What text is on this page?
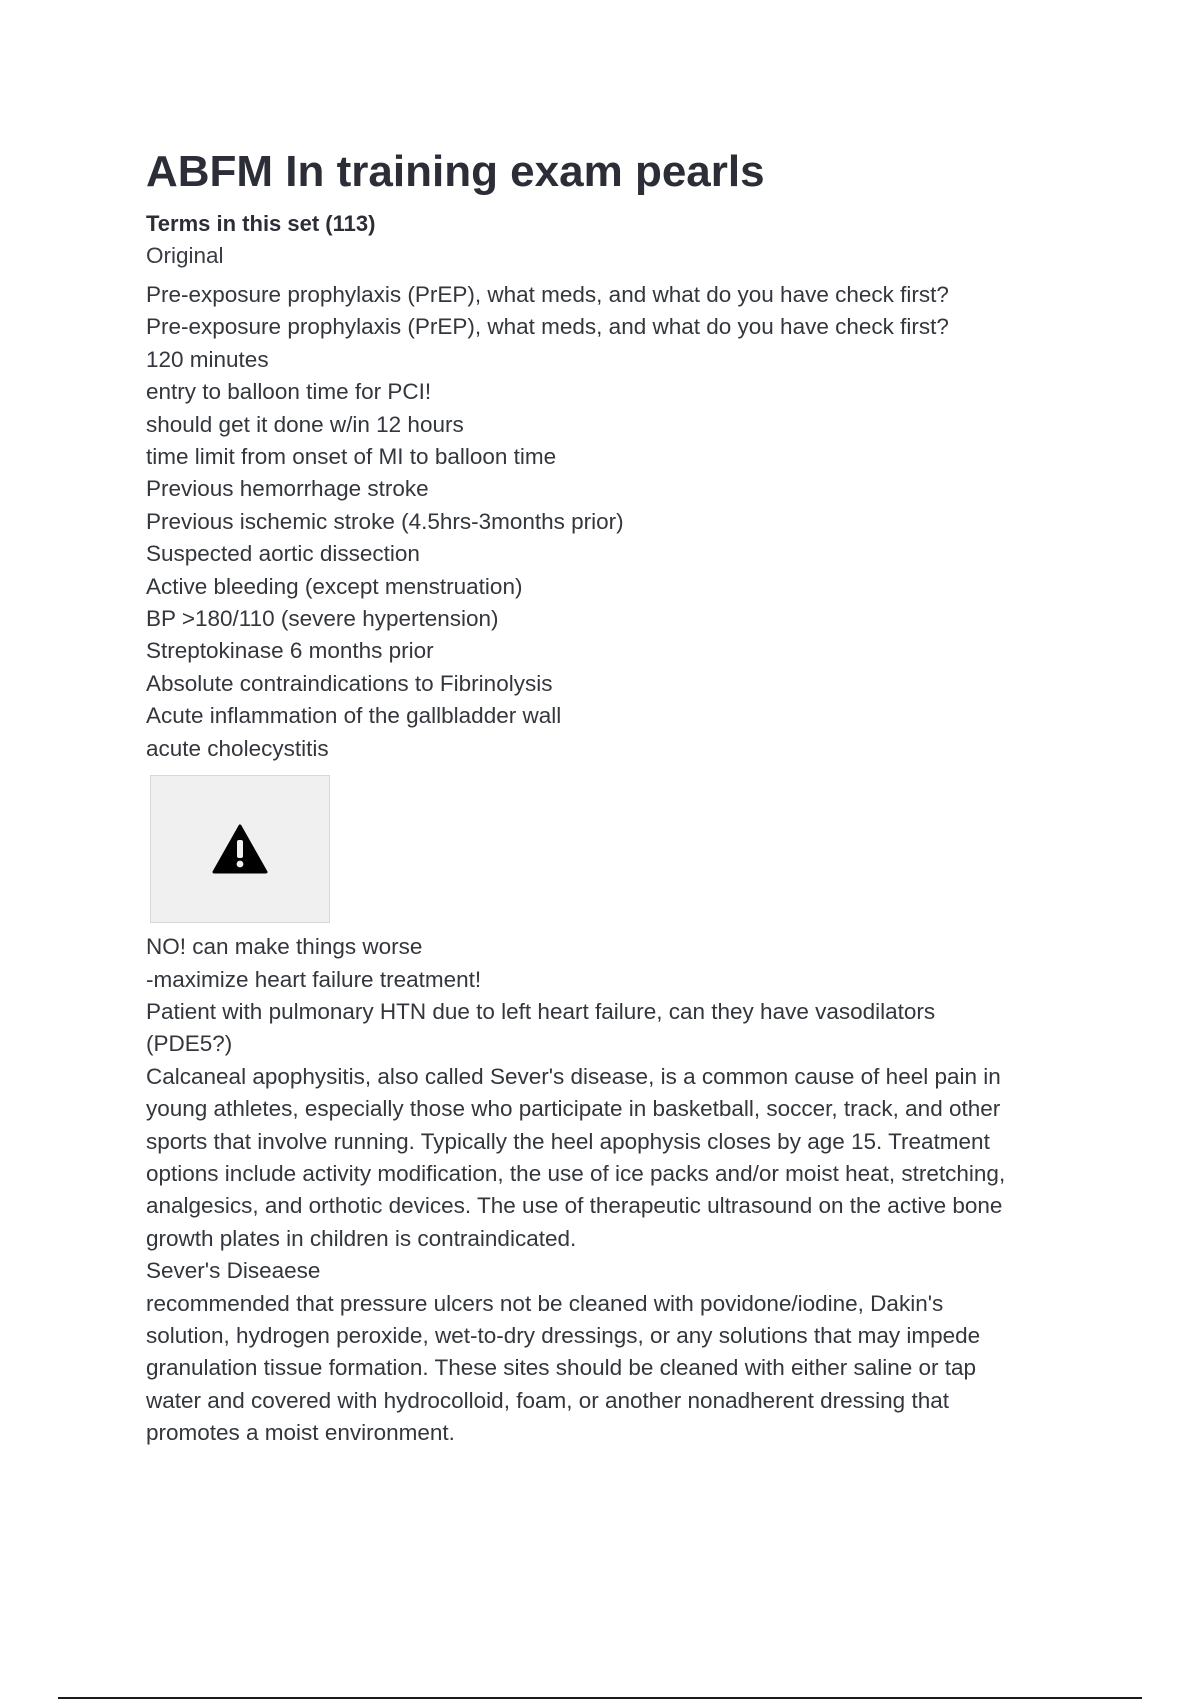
ABFM In training exam pearls
Terms in this set (113)
Original
Pre-exposure prophylaxis (PrEP), what meds, and what do you have check first?
Pre-exposure prophylaxis (PrEP), what meds, and what do you have check first?
120 minutes
entry to balloon time for PCI!
should get it done w/in 12 hours
time limit from onset of MI to balloon time
Previous hemorrhage stroke
Previous ischemic stroke (4.5hrs-3months prior)
Suspected aortic dissection
Active bleeding (except menstruation)
BP >180/110 (severe hypertension)
Streptokinase 6 months prior
Absolute contraindications to Fibrinolysis
Acute inflammation of the gallbladder wall
acute cholecystitis
NO! can make things worse
-maximize heart failure treatment!
Patient with pulmonary HTN due to left heart failure, can they have vasodilators
(PDE5?)
Calcaneal apophysitis, also called Sever's disease, is a common cause of heel pain in
young athletes, especially those who participate in basketball, soccer, track, and other
sports that involve running. Typically the heel apophysis closes by age 15. Treatment
options include activity modification, the use of ice packs and/or moist heat, stretching,
analgesics, and orthotic devices. The use of therapeutic ultrasound on the active bone
growth plates in children is contraindicated.
Sever's Diseaese
recommended that pressure ulcers not be cleaned with povidone/iodine, Dakin's
solution, hydrogen peroxide, wet-to-dry dressings, or any solutions that may impede
granulation tissue formation. These sites should be cleaned with either saline or tap
water and covered with hydrocolloid, foam, or another nonadherent dressing that
promotes a moist environment.
